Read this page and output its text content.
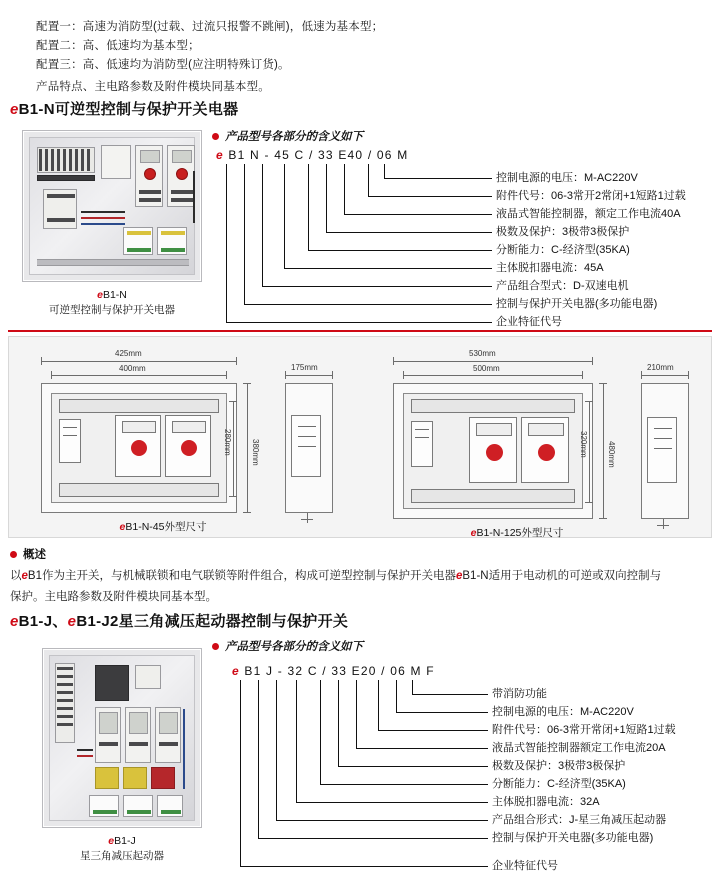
配置一：高速为消防型(过载、过流只报警不跳闸)，低速为基本型；
配置二：高、低速均为基本型；
配置三：高、低速均为消防型(应注明特殊订货)。
产品特点、主电路参数及附件模块同基本型。
eB1-N可逆型控制与保护开关电器
eB1-N
可逆型控制与保护开关电器
产品型号各部分的含义如下
e B1 N - 45 C / 33 E40 / 06 M
控制电源的电压：M-AC220V
附件代号：06-3常开2常闭+1短路1过载
液晶式智能控制器，额定工作电流40A
极数及保护：3极带3极保护
分断能力：C-经济型(35KA)
主体脱扣器电流：45A
产品组合型式：D-双速电机
控制与保护开关电器(多功能电器)
企业特征代号
425mm
400mm
380mm
280mm
175mm
eB1-N-45外型尺寸
530mm
500mm
480mm
320mm
210mm
eB1-N-125外型尺寸
概述
以eB1作为主开关，与机械联锁和电气联锁等附件组合，构成可逆型控制与保护开关电器eB1-N适用于电动机的可逆或双向控制与
保护。主电路参数及附件模块同基本型。
eB1-J、eB1-J2星三角减压起动器控制与保护开关
eB1-J
星三角减压起动器
产品型号各部分的含义如下
e B1 J - 32 C / 33 E20 / 06 M F
带消防功能
控制电源的电压：M-AC220V
附件代号：06-3常开常闭+1短路1过载
液晶式智能控制器额定工作电流20A
极数及保护：3极带3极保护
分断能力：C-经济型(35KA)
主体脱扣器电流：32A
产品组合形式：J-星三角减压起动器
控制与保护开关电器(多功能电器)
企业特征代号
